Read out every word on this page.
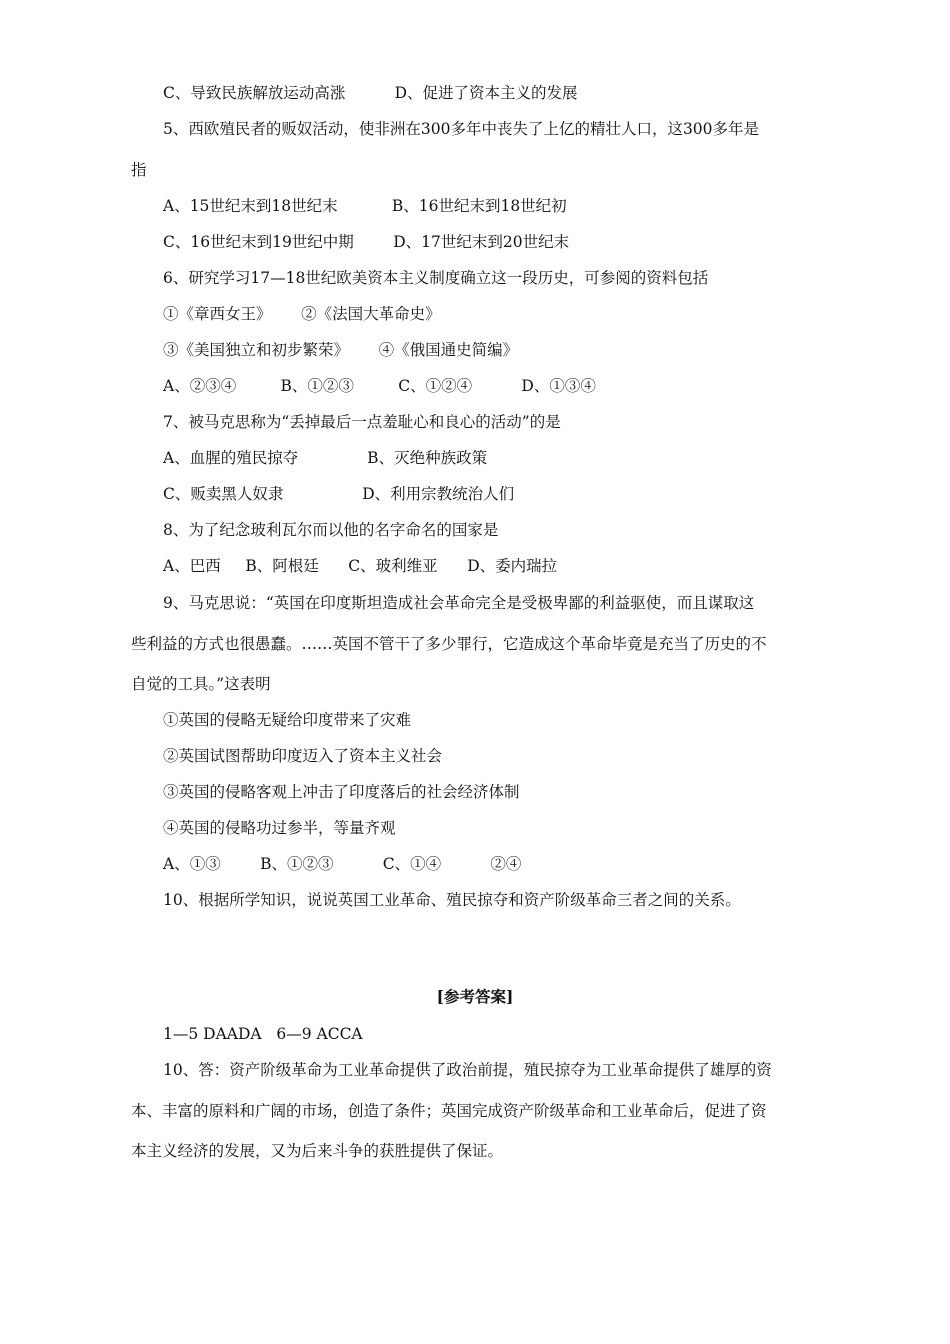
C、导致民族解放运动高涨          D、促进了资本主义的发展

5、西欧殖民者的贩奴活动，使非洲在300多年中丧失了上亿的精壮人口，这300多年是

指

A、15世纪末到18世纪末           B、16世纪末到18世纪初

C、16世纪末到19世纪中期        D、17世纪末到20世纪末

6、研究学习17—18世纪欧美资本主义制度确立这一段历史，可参阅的资料包括

①《章西女王》      ②《法国大革命史》

③《美国独立和初步繁荣》      ④《俄国通史简编》

A、②③④         B、①②③         C、①②④          D、①③④

7、被马克思称为“丢掉最后一点羞耻心和良心的活动”的是

A、血腥的殖民掠夺              B、灭绝种族政策

C、贩卖黑人奴隶                D、利用宗教统治人们

8、为了纪念玻利瓦尔而以他的名字命名的国家是

A、巴西     B、阿根廷      C、玻利维亚      D、委内瑞拉

9、马克思说：“英国在印度斯坦造成社会革命完全是受极卑鄙的利益驱使，而且谋取这

些利益的方式也很愚蠢。……英国不管干了多少罪行，它造成这个革命毕竟是充当了历史的不

自觉的工具。”这表明

①英国的侵略无疑给印度带来了灾难

②英国试图帮助印度迈入了资本主义社会

③英国的侵略客观上冲击了印度落后的社会经济体制

④英国的侵略功过参半，等量齐观

A、①③        B、①②③          C、①④          ②④

10、根据所学知识，说说英国工业革命、殖民掠夺和资产阶级革命三者之间的关系。

[参考答案]

1—5 DAADA   6—9 ACCA

10、答：资产阶级革命为工业革命提供了政治前提，殖民掠夺为工业革命提供了雄厚的资

本、丰富的原料和广阔的市场，创造了条件；英国完成资产阶级革命和工业革命后，促进了资

本主义经济的发展，又为后来斗争的获胜提供了保证。
